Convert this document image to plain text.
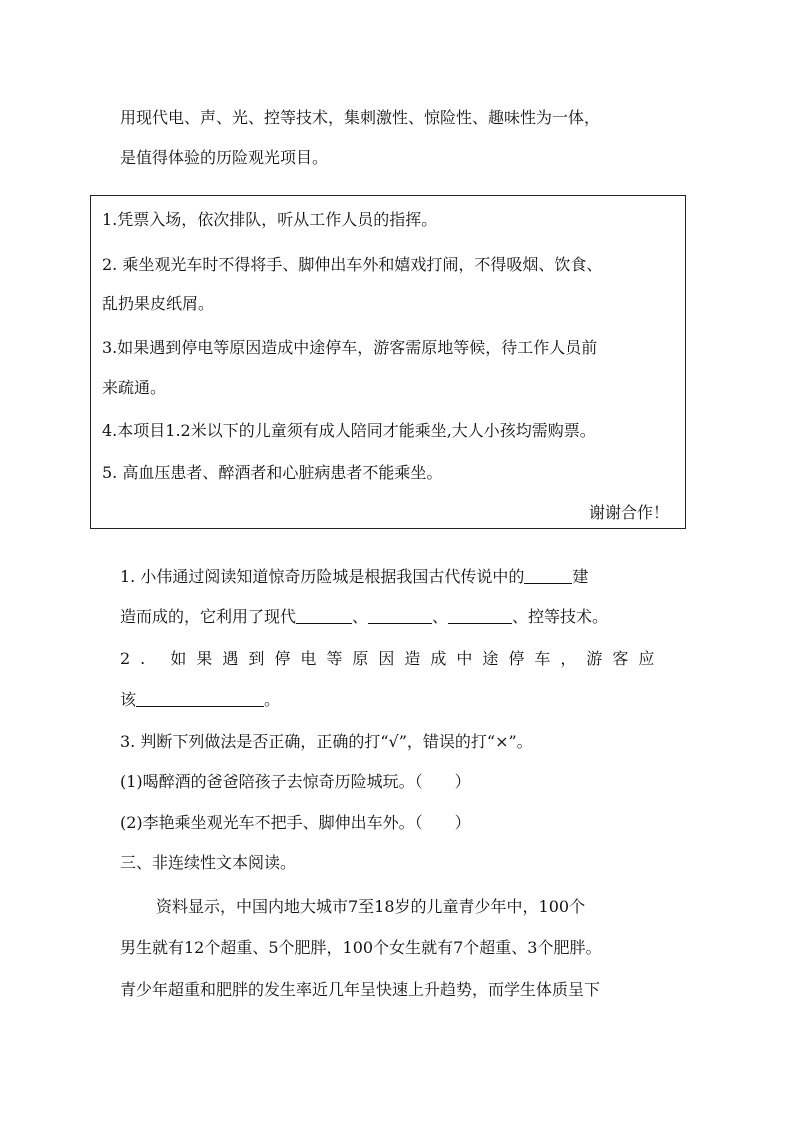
用现代电、声、光、控等技术，集刺激性、惊险性、趣味性为一体，
是值得体验的历险观光项目。
1.凭票入场，依次排队，听从工作人员的指挥。
2. 乘坐观光车时不得将手、脚伸出车外和嬉戏打闹，不得吸烟、饮食、
乱扔果皮纸屑。
3.如果遇到停电等原因造成中途停车，游客需原地等候，待工作人员前
来疏通。
4.本项目1.2米以下的儿童须有成人陪同才能乘坐,大人小孩均需购票。
5. 高血压患者、醉酒者和心脏病患者不能乘坐。
谢谢合作！
1. 小伟通过阅读知道惊奇历险城是根据我国古代传说中的	建
造而成的，它利用了现代	、	、	、控等技术。
2. 如果遇到停电等原因造成中途停车，游客应
该	。
3. 判断下列做法是否正确，正确的打“√”，错误的打“×”。
(1)喝醉酒的爸爸陪孩子去惊奇历险城玩。（　　）
(2)李艳乘坐观光车不把手、脚伸出车外。（　　）
三、非连续性文本阅读。
资料显示，中国内地大城市7至18岁的儿童青少年中，100个
男生就有12个超重、5个肥胖，100个女生就有7个超重、3个肥胖。
青少年超重和肥胖的发生率近几年呈快速上升趋势，而学生体质呈下
